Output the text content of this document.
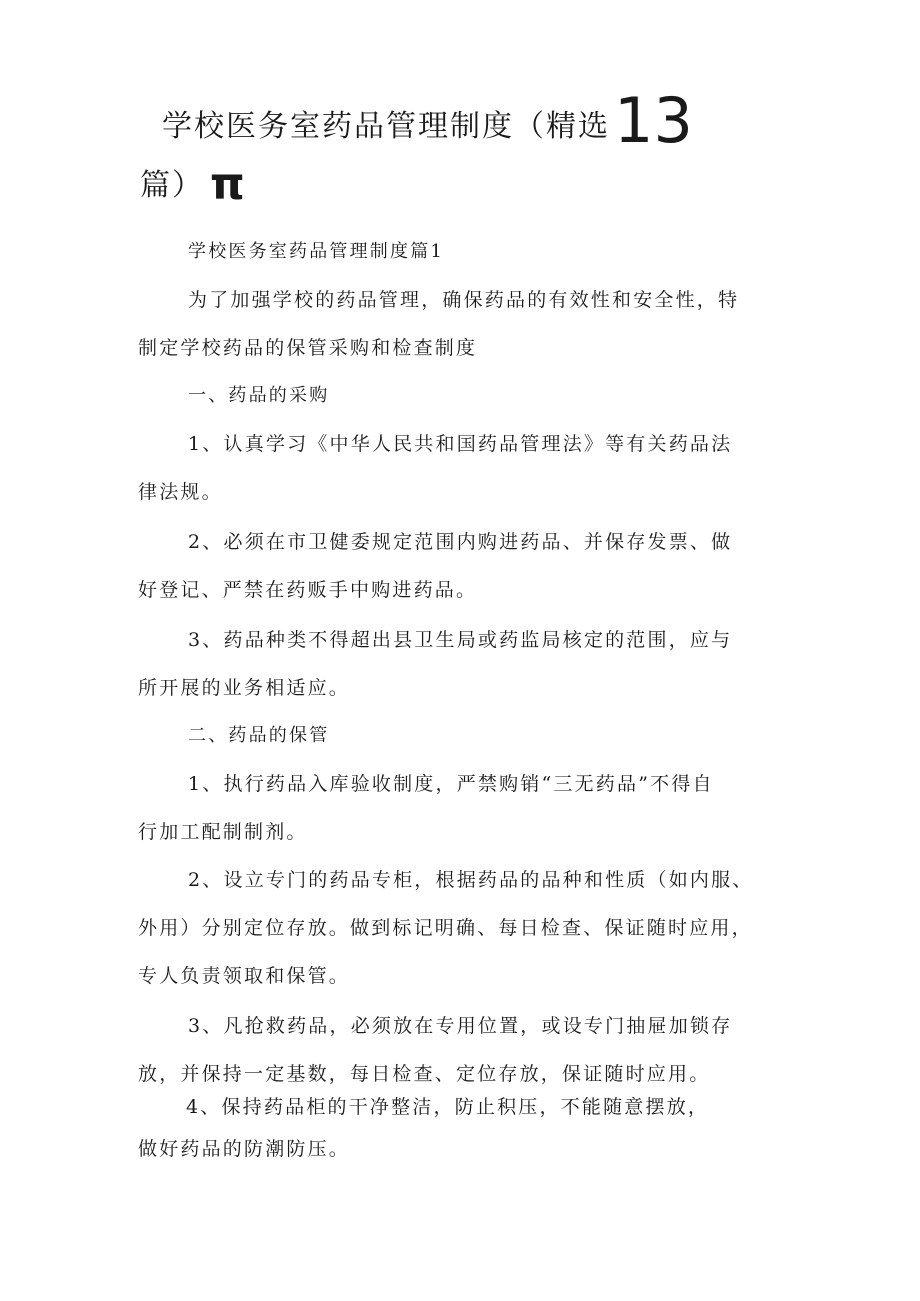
学校医务室药品管理制度（精选13
篇） π
学校医务室药品管理制度篇1
为了加强学校的药品管理，确保药品的有效性和安全性，特
制定学校药品的保管采购和检查制度
一、药品的采购
1、认真学习《中华人民共和国药品管理法》等有关药品法
律法规。
2、必须在市卫健委规定范围内购进药品、并保存发票、做
好登记、严禁在药贩手中购进药品。
3、药品种类不得超出县卫生局或药监局核定的范围，应与
所开展的业务相适应。
二、药品的保管
1、执行药品入库验收制度，严禁购销“三无药品”不得自
行加工配制制剂。
2、设立专门的药品专柜，根据药品的品种和性质（如内服、
外用）分别定位存放。做到标记明确、每日检查、保证随时应用，
专人负责领取和保管。
3、凡抢救药品，必须放在专用位置，或设专门抽屉加锁存
放，并保持一定基数，每日检查、定位存放，保证随时应用。
4、保持药品柜的干净整洁，防止积压，不能随意摆放，
做好药品的防潮防压。
